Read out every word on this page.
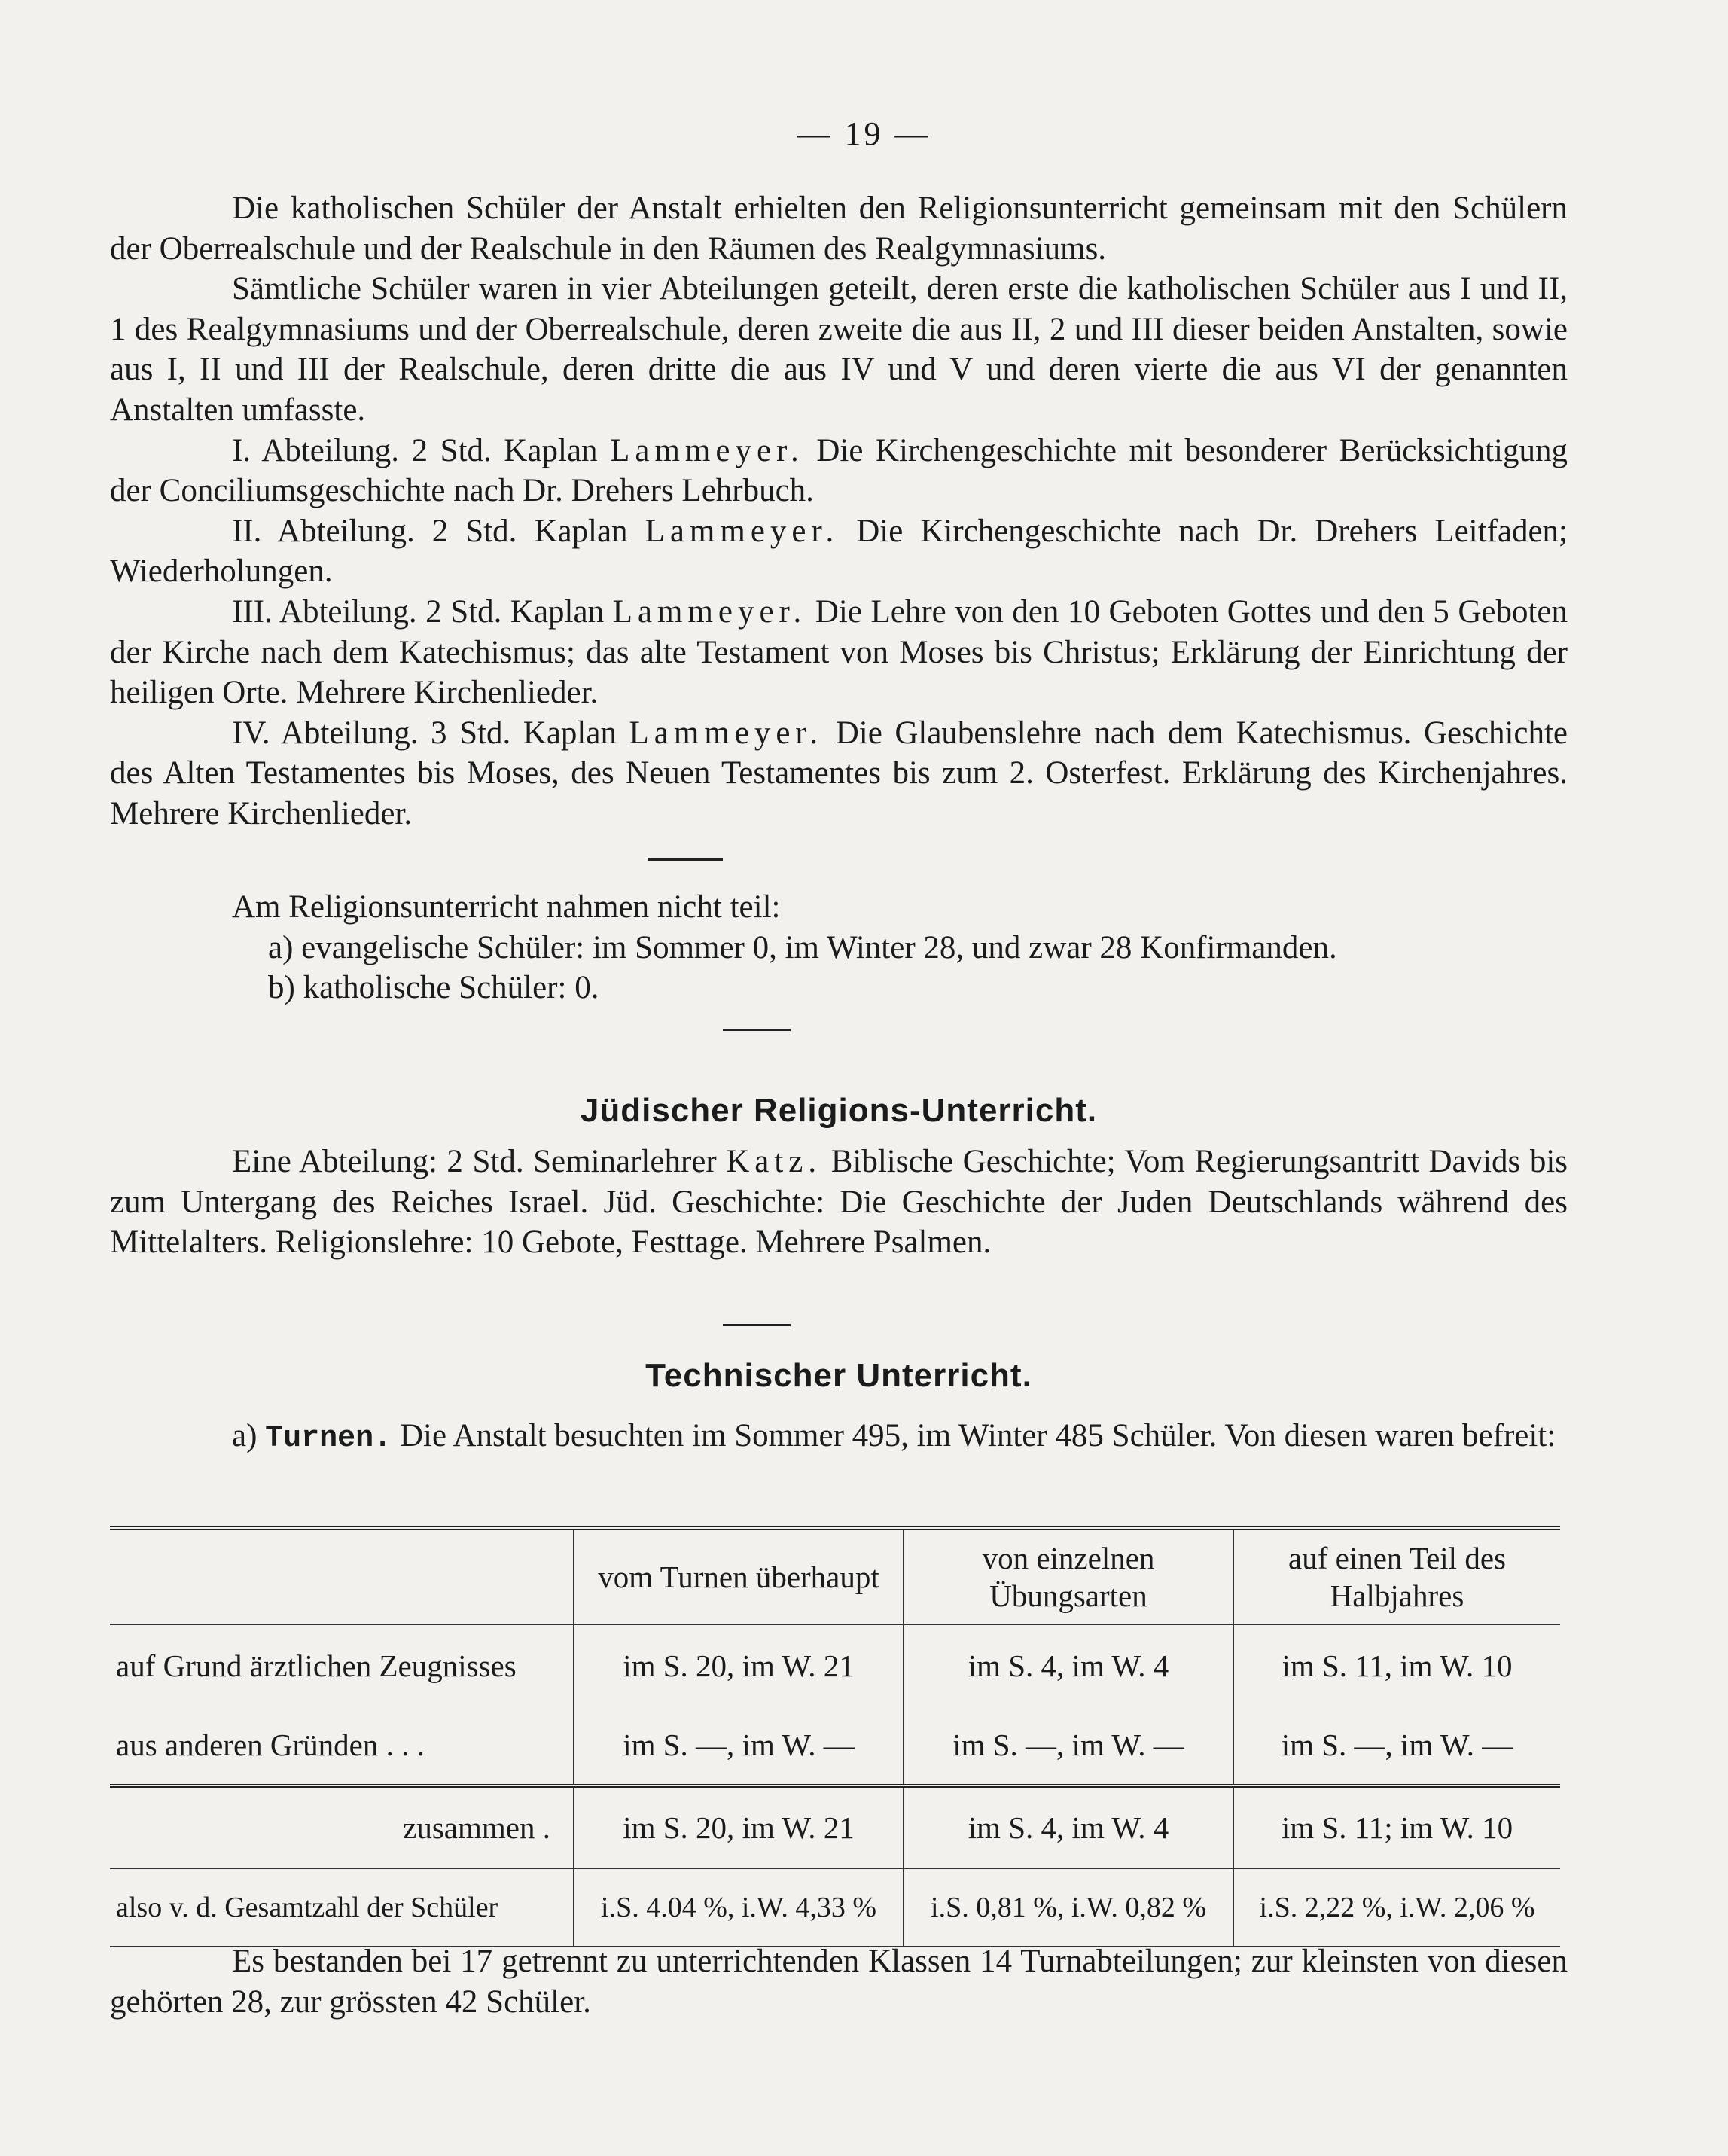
— 19 —

Die katholischen Schüler der Anstalt erhielten den Religionsunterricht gemeinsam mit den Schülern der Oberrealschule und der Realschule in den Räumen des Realgymnasiums.

Sämtliche Schüler waren in vier Abteilungen geteilt, deren erste die katholischen Schüler aus I und II, 1 des Realgymnasiums und der Oberrealschule, deren zweite die aus II, 2 und III dieser beiden Anstalten, sowie aus I, II und III der Realschule, deren dritte die aus IV und V und deren vierte die aus VI der genannten Anstalten umfasste.

I. Abteilung. 2 Std. Kaplan Lammeyer. Die Kirchengeschichte mit besonderer Berücksichtigung der Conciliumsgeschichte nach Dr. Drehers Lehrbuch.

II. Abteilung. 2 Std. Kaplan Lammeyer. Die Kirchengeschichte nach Dr. Drehers Leitfaden; Wiederholungen.

III. Abteilung. 2 Std. Kaplan Lammeyer. Die Lehre von den 10 Geboten Gottes und den 5 Geboten der Kirche nach dem Katechismus; das alte Testament von Moses bis Christus; Erklärung der Einrichtung der heiligen Orte. Mehrere Kirchenlieder.

IV. Abteilung. 3 Std. Kaplan Lammeyer. Die Glaubenslehre nach dem Katechismus. Geschichte des Alten Testamentes bis Moses, des Neuen Testamentes bis zum 2. Osterfest. Erklärung des Kirchenjahres. Mehrere Kirchenlieder.

Am Religionsunterricht nahmen nicht teil:

a) evangelische Schüler: im Sommer 0, im Winter 28, und zwar 28 Konfirmanden.

b) katholische Schüler: 0.

Jüdischer Religions-Unterricht.

Eine Abteilung: 2 Std. Seminarlehrer Katz. Biblische Geschichte; Vom Regierungsantritt Davids bis zum Untergang des Reiches Israel. Jüd. Geschichte: Die Geschichte der Juden Deutschlands während des Mittelalters. Religionslehre: 10 Gebote, Festtage. Mehrere Psalmen.

Technischer Unterricht.

a) Turnen. Die Anstalt besuchten im Sommer 495, im Winter 485 Schüler. Von diesen waren befreit:

	vom Turnen überhaupt	von einzelnen Übungsarten	auf einen Teil des Halbjahres
auf Grund ärztlichen Zeugnisses	im S. 20, im W. 21	im S. 4, im W. 4	im S. 11, im W. 10
aus anderen Gründen . . .	im S. —, im W. —	im S. —, im W. —	im S. —, im W. —
zusammen .	im S. 20, im W. 21	im S. 4, im W. 4	im S. 11; im W. 10
also v. d. Gesamtzahl der Schüler	i.S. 4.04 %, i.W. 4,33 %	i.S. 0,81 %, i.W. 0,82 %	i.S. 2,22 %, i.W. 2,06 %

Es bestanden bei 17 getrennt zu unterrichtenden Klassen 14 Turnabteilungen; zur kleinsten von diesen gehörten 28, zur grössten 42 Schüler.
